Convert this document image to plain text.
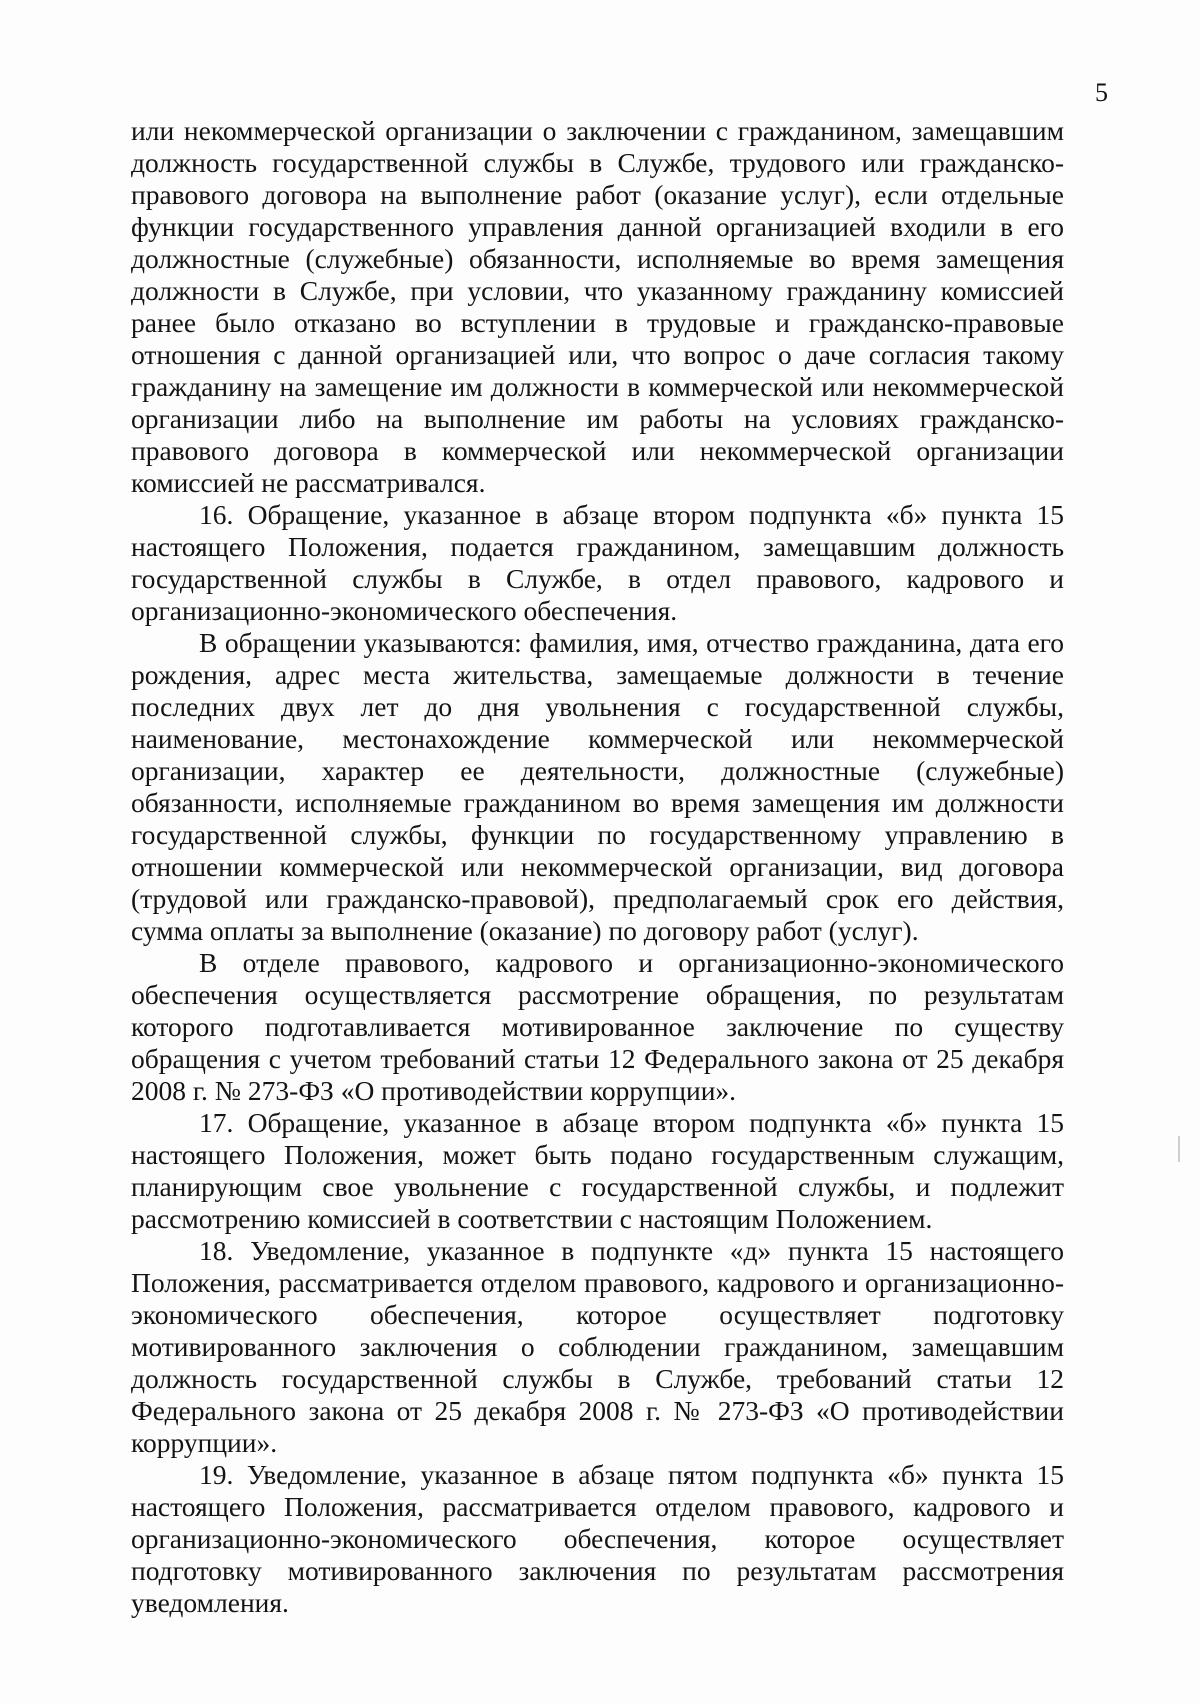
5

или некоммерческой организации о заключении с гражданином, замещавшим должность государственной службы в Службе, трудового или гражданско-правового договора на выполнение работ (оказание услуг), если отдельные функции государственного управления данной организацией входили в его должностные (служебные) обязанности, исполняемые во время замещения должности в Службе, при условии, что указанному гражданину комиссией ранее было отказано во вступлении в трудовые и гражданско-правовые отношения с данной организацией или, что вопрос о даче согласия такому гражданину на замещение им должности в коммерческой или некоммерческой организации либо на выполнение им работы на условиях гражданско-правового договора в коммерческой или некоммерческой организации комиссией не рассматривался.

16. Обращение, указанное в абзаце втором подпункта «б» пункта 15 настоящего Положения, подается гражданином, замещавшим должность государственной службы в Службе, в отдел правового, кадрового и организационно-экономического обеспечения.

В обращении указываются: фамилия, имя, отчество гражданина, дата его рождения, адрес места жительства, замещаемые должности в течение последних двух лет до дня увольнения с государственной службы, наименование, местонахождение коммерческой или некоммерческой организации, характер ее деятельности, должностные (служебные) обязанности, исполняемые гражданином во время замещения им должности государственной службы, функции по государственному управлению в отношении коммерческой или некоммерческой организации, вид договора (трудовой или гражданско-правовой), предполагаемый срок его действия, сумма оплаты за выполнение (оказание) по договору работ (услуг).

В отделе правового, кадрового и организационно-экономического обеспечения осуществляется рассмотрение обращения, по результатам которого подготавливается мотивированное заключение по существу обращения с учетом требований статьи 12 Федерального закона от 25 декабря 2008 г. № 273-ФЗ «О противодействии коррупции».

17. Обращение, указанное в абзаце втором подпункта «б» пункта 15 настоящего Положения, может быть подано государственным служащим, планирующим свое увольнение с государственной службы, и подлежит рассмотрению комиссией в соответствии с настоящим Положением.

18. Уведомление, указанное в подпункте «д» пункта 15 настоящего Положения, рассматривается отделом правового, кадрового и организационно-экономического обеспечения, которое осуществляет подготовку мотивированного заключения о соблюдении гражданином, замещавшим должность государственной службы в Службе, требований статьи 12 Федерального закона от 25 декабря 2008 г. № 273-ФЗ «О противодействии коррупции».

19. Уведомление, указанное в абзаце пятом подпункта «б» пункта 15 настоящего Положения, рассматривается отделом правового, кадрового и организационно-экономического обеспечения, которое осуществляет подготовку мотивированного заключения по результатам рассмотрения уведомления.
